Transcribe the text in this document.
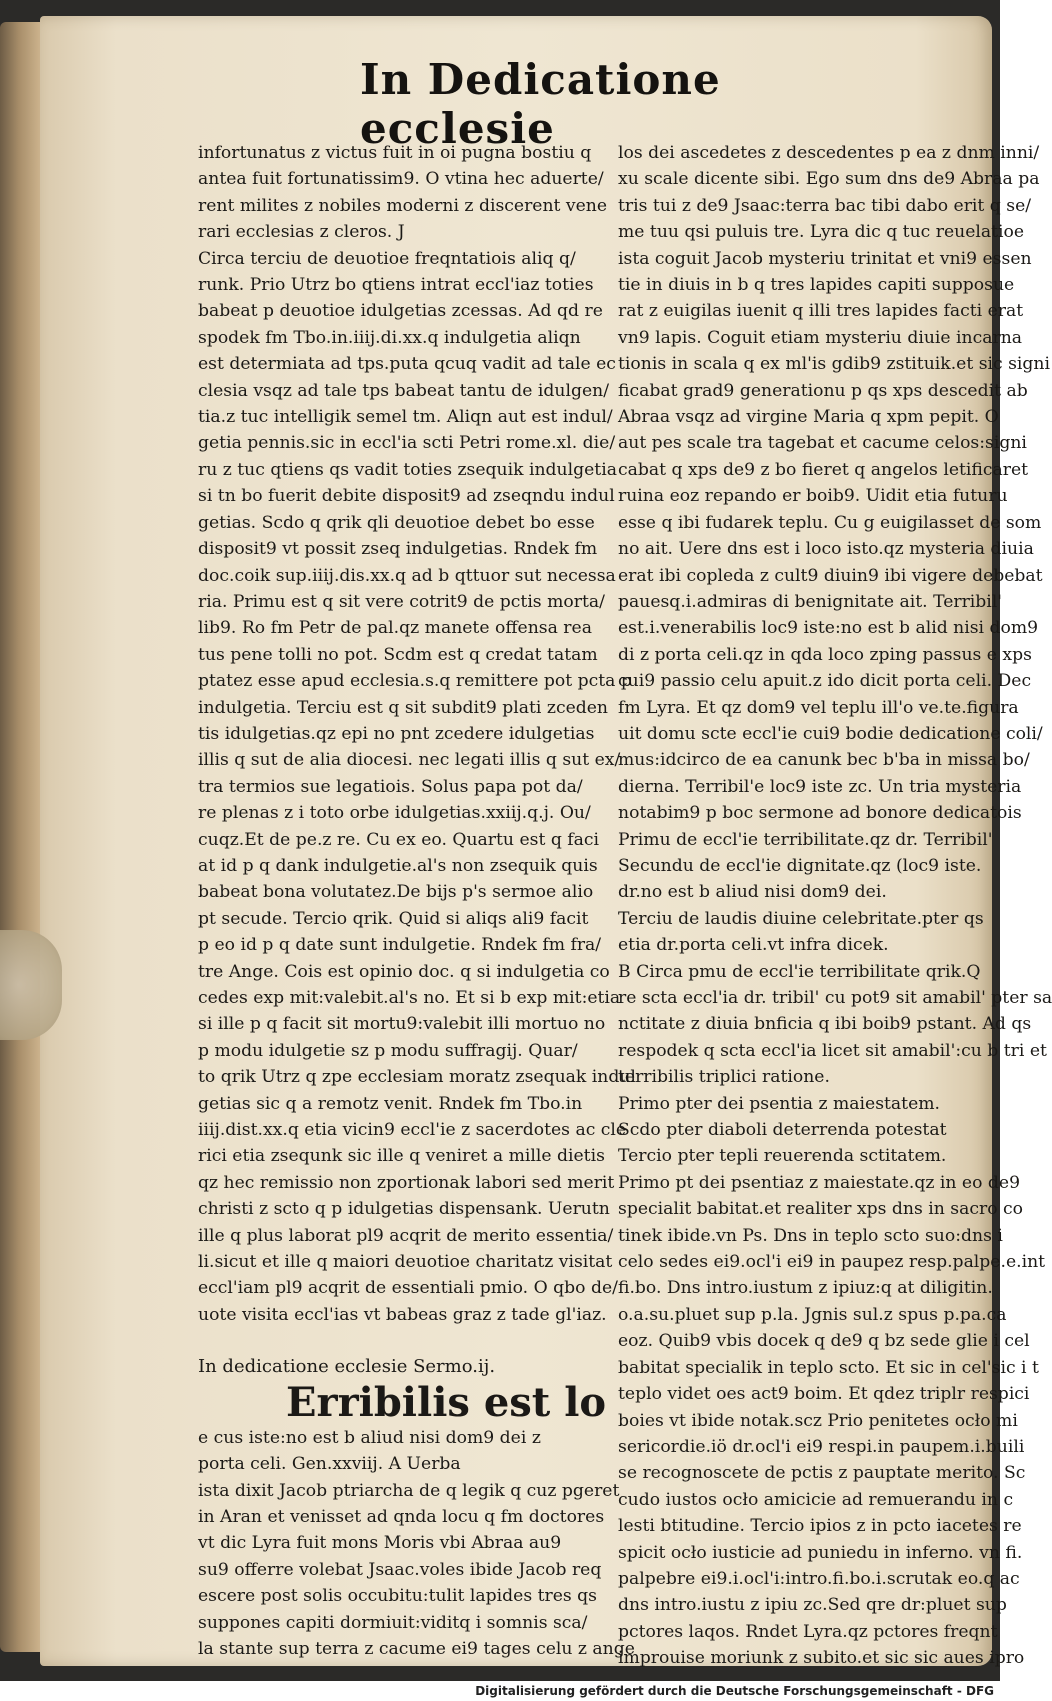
In Dedicatione ecclesie
infortunatus z victus fuit in oi pugna bostiu q
antea fuit fortunatissim9. O vtina hec aduerte/
rent milites z nobiles moderni z discerent vene
rari ecclesias z cleros. J
Circa terciu de deuotioe freqntatiois aliq q/
runk. Prio Utrz bo qtiens intrat eccl'iaz toties
babeat p deuotioe idulgetias zcessas. Ad qd re
spodek fm Tbo.in.iiij.di.xx.q indulgetia aliqn
est determiata ad tps.puta qcuq vadit ad tale ec
clesia vsqz ad tale tps babeat tantu de idulgen/
tia.z tuc intelligik semel tm. Aliqn aut est indul/
getia pennis.sic in eccl'ia scti Petri rome.xl. die/
ru z tuc qtiens qs vadit toties zsequik indulgetia
si tn bo fuerit debite disposit9 ad zseqndu indul
getias. Scdo q qrik qli deuotioe debet bo esse
disposit9 vt possit zseq indulgetias. Rndek fm
doc.coik sup.iiij.dis.xx.q ad b qttuor sut necessa
ria. Primu est q sit vere cotrit9 de pctis morta/
lib9. Ro fm Petr de pal.qz manete offensa rea
tus pene tolli no pot. Scdm est q credat tatam
ptatez esse apud ecclesia.s.q remittere pot pcta p
indulgetia. Terciu est q sit subdit9 plati zceden
tis idulgetias.qz epi no pnt zcedere idulgetias
illis q sut de alia diocesi. nec legati illis q sut ex/
tra termios sue legatiois. Solus papa pot da/
re plenas z i toto orbe idulgetias.xxiij.q.j. Ou/
cuqz.Et de pe.z re. Cu ex eo. Quartu est q faci
at id p q dank indulgetie.al's non zsequik quis
babeat bona volutatez.De bijs p's sermoe alio
pt secude. Tercio qrik. Quid si aliqs ali9 facit
p eo id p q date sunt indulgetie. Rndek fm fra/
tre Ange. Cois est opinio doc. q si indulgetia co
cedes exp mit:valebit.al's no. Et si b exp mit:etia
si ille p q facit sit mortu9:valebit illi mortuo no
p modu idulgetie sz p modu suffragij. Quar/
to qrik Utrz q zpe ecclesiam moratz zsequak indul
getias sic q a remotz venit. Rndek fm Tbo.in
iiij.dist.xx.q etia vicin9 eccl'ie z sacerdotes ac cle
rici etia zsequnk sic ille q veniret a mille dietis
qz hec remissio non zportionak labori sed merit
christi z scto q p idulgetias dispensank. Uerutn
ille q plus laborat pl9 acqrit de merito essentia/
li.sicut et ille q maiori deuotioe charitatz visitat
eccl'iam pl9 acqrit de essentiali pmio. O qbo de/
uote visita eccl'ias vt babeas graz z tade gl'iaz.
In dedicatione ecclesie Sermo.ij.
Erribilis est lo
e cus iste:no est b aliud nisi dom9 dei z
porta celi. Gen.xxviij. A Uerba
ista dixit Jacob ptriarcha de q legik q cuz pgeret
in Aran et venisset ad qnda locu q fm doctores
vt dic Lyra fuit mons Moris vbi Abraa au9
su9 offerre volebat Jsaac.voles ibide Jacob req
escere post solis occubitu:tulit lapides tres qs
suppones capiti dormiuit:viditq i somnis sca/
la stante sup terra z cacume ei9 tages celu z ange
los dei ascedetes z descedentes p ea z dnm inni/
xu scale dicente sibi. Ego sum dns de9 Abraa pa
tris tui z de9 Jsaac:terra bac tibi dabo erit q se/
me tuu qsi puluis tre. Lyra dic q tuc reuelatioe
ista coguit Jacob mysteriu trinitat et vni9 essen
tie in diuis in b q tres lapides capiti supposue
rat z euigilas iuenit q illi tres lapides facti erat
vn9 lapis. Coguit etiam mysteriu diuie incarna
tionis in scala q ex ml'is gdib9 zstituik.et sic signi
ficabat grad9 generationu p qs xps descedit ab
Abraa vsqz ad virgine Maria q xpm pepit. O
aut pes scale tra tagebat et cacume celos:signi
cabat q xps de9 z bo fieret q angelos letificaret
ruina eoz repando er boib9. Uidit etia futuru
esse q ibi fudarek teplu. Cu g euigilasset de som
no ait. Uere dns est i loco isto.qz mysteria diuia
erat ibi copleda z cult9 diuin9 ibi vigere debebat
pauesq.i.admiras di benignitate ait. Terribil'
est.i.venerabilis loc9 iste:no est b alid nisi dom9
di z porta celi.qz in qda loco zping passus e xps
cui9 passio celu apuit.z ido dicit porta celi. Dec
fm Lyra. Et qz dom9 vel teplu ill'o ve.te.figura
uit domu scte eccl'ie cui9 bodie dedicatione coli/
mus:idcirco de ea canunk bec b'ba in missa bo/
dierna. Terribil'e loc9 iste zc. Un tria mysteria
notabim9 p boc sermone ad bonore dedicatois
Primu de eccl'ie terribilitate.qz dr. Terribil'
Secundu de eccl'ie dignitate.qz (loc9 iste.
dr.no est b aliud nisi dom9 dei.
Terciu de laudis diuine celebritate.pter qs
etia dr.porta celi.vt infra dicek.
B Circa pmu de eccl'ie terribilitate qrik.Q
re scta eccl'ia dr. tribil' cu pot9 sit amabil' pter sa
nctitate z diuia bnficia q ibi boib9 pstant. Ad qs
respodek q scta eccl'ia licet sit amabil':cu b tri et
terribilis triplici ratione.
Primo pter dei psentia z maiestatem.
Scdo pter diaboli deterrenda potestat
Tercio pter tepli reuerenda sctitatem.
Primo pt dei psentiaz z maiestate.qz in eo de9
specialit babitat.et realiter xps dns in sacro co
tinek ibide.vn Ps. Dns in teplo scto suo:dns i
celo sedes ei9.ocl'i ei9 in paupez resp.palpe.e.int
fi.bo. Dns intro.iustum z ipiuz:q at diligitin.
o.a.su.pluet sup p.la. Jgnis sul.z spus p.pa.ca
eoz. Quib9 vbis docek q de9 q bz sede glie i cel
babitat specialik in teplo scto. Et sic in cel'sic i t
teplo videt oes act9 boim. Et qdez triplr respici
boies vt ibide notak.scz Prio penitetes ocło mi
sericordie.iö dr.ocl'i ei9 respi.in paupem.i.buili
se recognoscete de pctis z pauptate merito. Sc
cudo iustos ocło amicicie ad remuerandu in c
lesti btitudine. Tercio ipios z in pcto iacetes re
spicit ocło iusticie ad puniedu in inferno. vn fi.
palpebre ei9.i.ocl'i:intro.fi.bo.i.scrutak eo.q ac
dns intro.iustu z ipiu zc.Sed qre dr:pluet sup
pctores laqos. Rndet Lyra.qz pctores freqnt
improuise moriunk z subito.et sic sic aues ipro
Digitalisierung gefördert durch die Deutsche Forschungsgemeinschaft - DFG
